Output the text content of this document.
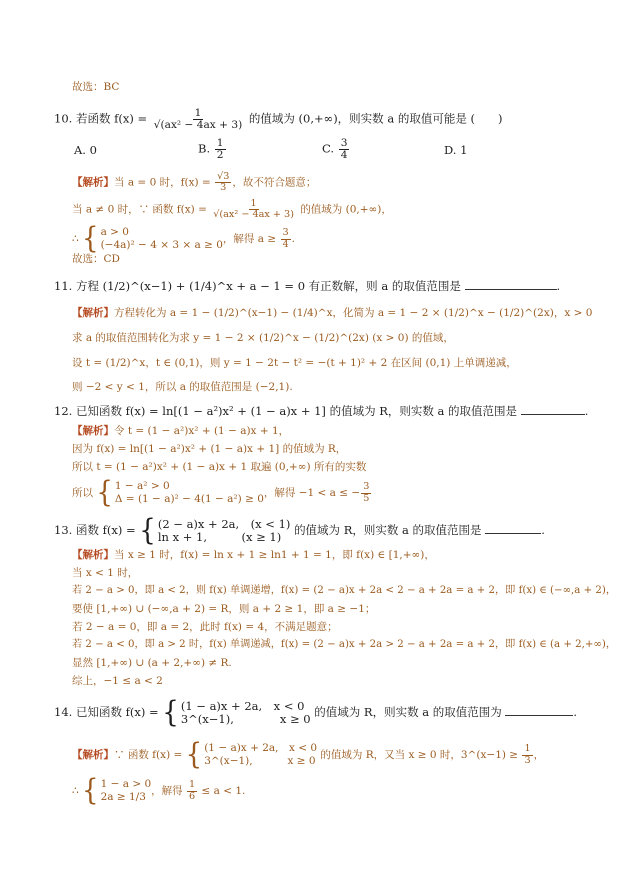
故选：BC
10. 若函数 $f(x) = \frac{1}{\text{√(ax² − 4ax + 3)}}$ 的值域为 (0,+∞)，则实数 a 的取值可能是 (　　)
A. 0	B. $\frac{1}{2}$	C. $\frac{3}{4}$	D. 1
【解析】当 a = 0 时，$f(x) = \frac{√3}{3}$ ，故不符合题意；
当 a ≠ 0 时，∵ 函数 $f(x) = \frac{1}{\text{√(ax² − 4ax + 3)}}$ 的值域为 (0,+∞)，
∴ { a > 0
(−4a)² − 4 × 3 × a ≥ 0 ，解得 $a \ge \frac{3}{4}$ .
故选：CD
11. 方程 (1/2)^(x−1) + (1/4)^x + a − 1 = 0 有正数解，则 a 的取值范围是	.
【解析】方程转化为 a = 1 − (1/2)^(x−1) − (1/4)^x，化简为 a = 1 − 2 × (1/2)^x − (1/2)^(2x)，x > 0
求 a 的取值范围转化为求 y = 1 − 2 × (1/2)^x − (1/2)^(2x) (x > 0) 的值域，
设 t = (1/2)^x，t ∈ (0,1)，则 y = 1 − 2t − t² = −(t + 1)² + 2 在区间 (0,1) 上单调递减，
则 −2 < y < 1，所以 a 的取值范围是 (−2,1).
12. 已知函数 f(x) = ln[(1 − a²)x² + (1 − a)x + 1] 的值域为 R，则实数 a 的取值范围是	.
【解析】令 t = (1 − a²)x² + (1 − a)x + 1，
因为 f(x) = ln[(1 − a²)x² + (1 − a)x + 1] 的值域为 R，
所以 t = (1 − a²)x² + (1 − a)x + 1 取遍 (0,+∞) 所有的实数
所以 { 1 − a² > 0
Δ = (1 − a)² − 4(1 − a²) ≥ 0 ，解得 −1 < a ≤ − $\frac{3}{5}$
13. 函数 f(x) = { (2 − a)x + 2a,　(x < 1)
ln x + 1,　　　(x ≥ 1)	的值域为 R，则实数 a 的取值范围是	.
【解析】当 x ≥ 1 时，f(x) = ln x + 1 ≥ ln1 + 1 = 1，即 f(x) ∈ [1,+∞)，
当 x < 1 时，
若 2 − a > 0，即 a < 2，则 f(x) 单调递增，f(x) = (2 − a)x + 2a < 2 − a + 2a = a + 2，即 f(x) ∈ (−∞,a + 2)，
要使 [1,+∞) ∪ (−∞,a + 2) = R，则 a + 2 ≥ 1，即 a ≥ −1；
若 2 − a = 0，即 a = 2，此时 f(x) = 4，不满足题意；
若 2 − a < 0，即 a > 2 时，f(x) 单调递减，f(x) = (2 − a)x + 2a > 2 − a + 2a = a + 2，即 f(x) ∈ (a + 2,+∞)，
显然 [1,+∞) ∪ (a + 2,+∞) ≠ R.
综上，−1 ≤ a < 2
14. 已知函数 f(x) = { (1 − a)x + 2a,　x < 0
3^(x−1),　　　　x ≥ 0 的值域为 R，则实数 a 的取值范围为	.
【解析】∵ 函数 f(x) = { (1 − a)x + 2a,　x < 0
3^(x−1),　　　 x ≥ 0 的值域为 R，又当 x ≥ 0 时，3^(x−1) ≥ $\frac{1}{3}$ ，
∴ { 1 − a > 0
2a ≥ 1/3 ，解得 $\frac{1}{6} \le a < 1$.
